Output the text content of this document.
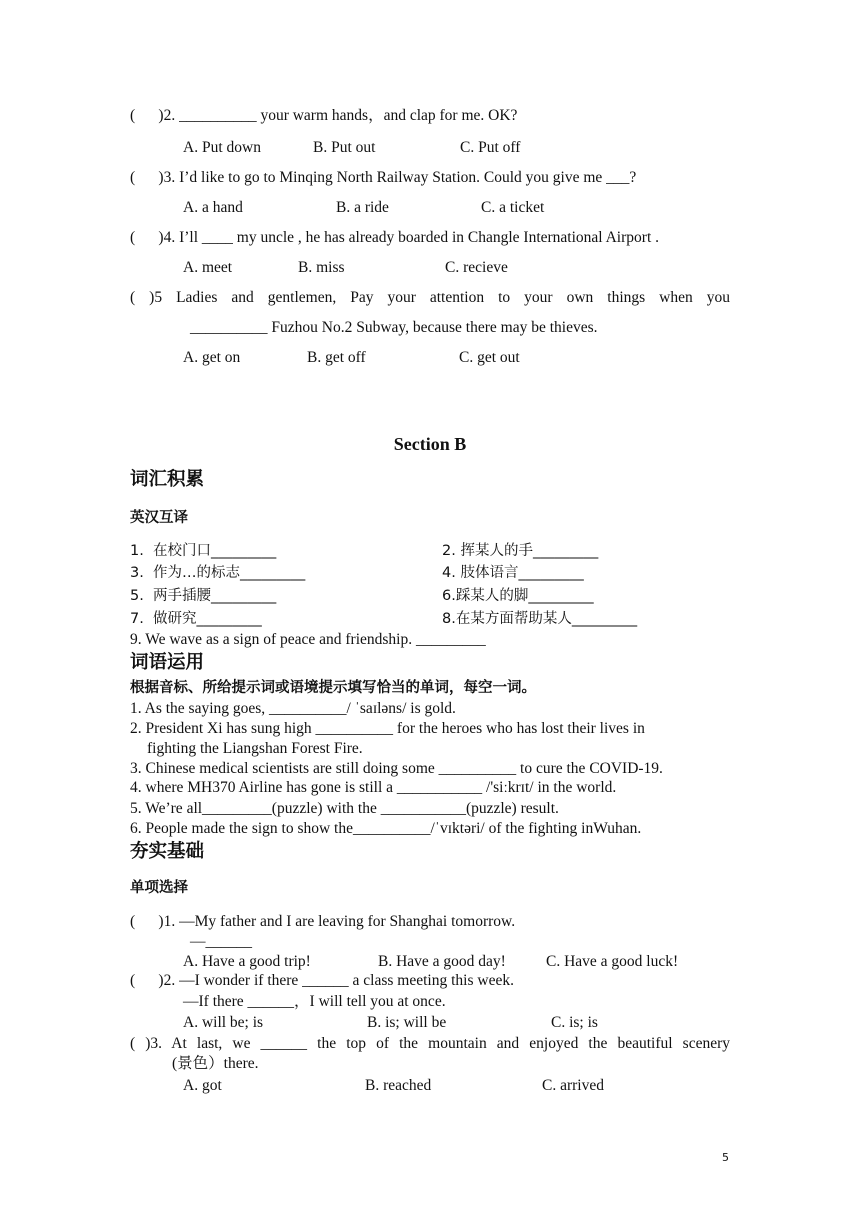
(      )2. __________ your warm hands，and clap for me. OK?
A. Put down	B. Put out	C. Put off
(      )3. I’d like to go to Minqing North Railway Station. Could you give me ___?
A. a hand	B. a ride	C. a ticket
(      )4. I’ll ____ my uncle , he has already boarded in Changle International Airport .
A. meet	B. miss	C. recieve
( )5 Ladies and gentlemen, Pay your attention to your own things when you
__________ Fuzhou No.2 Subway, because there may be thieves.
A. get on	B. get off	C. get out
Section B
词汇积累
英汉互译
1.  在校门口_________	2. 挥某人的手_________
3.  作为…的标志_________	4. 肢体语言_________
5.  两手插腰_________	6.踩某人的脚_________
7.  做研究_________	8.在某方面帮助某人_________
9. We wave as a sign of peace and friendship. _________
词语运用
根据音标、所给提示词或语境提示填写恰当的单词，每空一词。
1. As the saying goes, __________/ ˈsaɪləns/ is gold.
2. President Xi has sung high __________ for the heroes who has lost their lives in
fighting the Liangshan Forest Fire.
3. Chinese medical scientists are still doing some __________ to cure the COVID-19.
4. where MH370 Airline has gone is still a ___________ /'siːkrɪt/ in the world.
5. We’re all_________(puzzle) with the ___________(puzzle) result.
6. People made the sign to show the__________/ˈvɪktəri/ of the fighting inWuhan.
夯实基础
单项选择
(      )1. —My father and I are leaving for Shanghai tomorrow.
—______
A. Have a good trip!	B. Have a good day!	C. Have a good luck!
(      )2. —I wonder if there ______ a class meeting this week.
—If there ______，I will tell you at once.
A. will be; is	B. is; will be	C. is; is
( )3. At last, we ______ the top of the mountain and enjoyed the beautiful scenery
(景色）there.
A. got	B. reached	C. arrived
5
